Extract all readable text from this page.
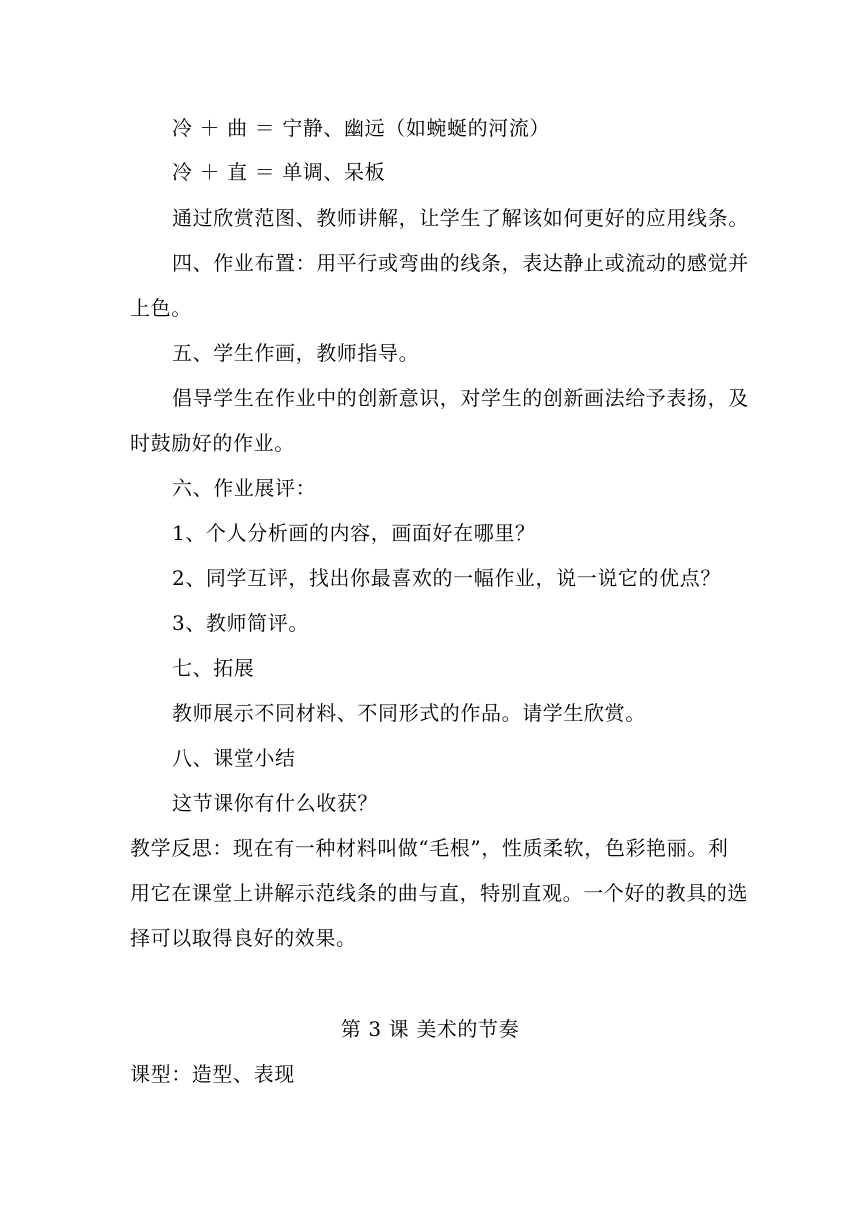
冷 ＋ 曲 ＝ 宁静、幽远（如蜿蜒的河流）
冷 ＋ 直 ＝ 单调、呆板
通过欣赏范图、教师讲解，让学生了解该如何更好的应用线条。
四、作业布置：用平行或弯曲的线条，表达静止或流动的感觉并
上色。
五、学生作画，教师指导。
倡导学生在作业中的创新意识，对学生的创新画法给予表扬，及
时鼓励好的作业。
六、作业展评：
1、个人分析画的内容，画面好在哪里？
2、同学互评，找出你最喜欢的一幅作业，说一说它的优点？
3、教师简评。
七、拓展
教师展示不同材料、不同形式的作品。请学生欣赏。
八、课堂小结
这节课你有什么收获？
教学反思：现在有一种材料叫做“毛根”，性质柔软，色彩艳丽。利
用它在课堂上讲解示范线条的曲与直，特别直观。一个好的教具的选
择可以取得良好的效果。
第 3 课 美术的节奏
课型：造型、表现
